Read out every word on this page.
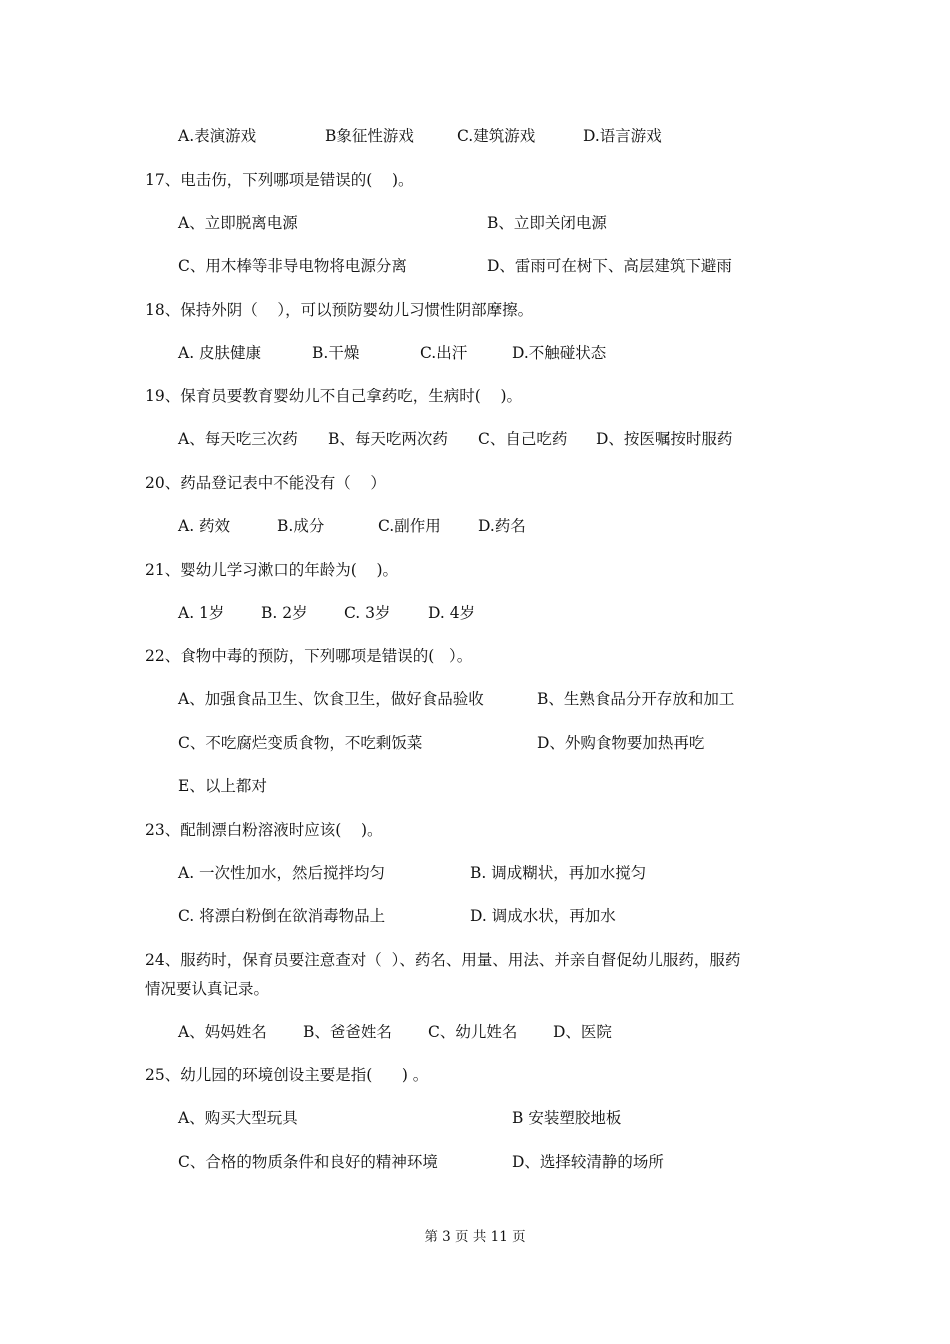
A.表演游戏	B象征性游戏	C.建筑游戏	D.语言游戏
17、电击伤，下列哪项是错误的(    )。
A、立即脱离电源	B、立即关闭电源
C、用木棒等非导电物将电源分离	D、雷雨可在树下、高层建筑下避雨
18、保持外阴（    ），可以预防婴幼儿习惯性阴部摩擦。
A. 皮肤健康	B.干燥	C.出汗	D.不触碰状态
19、保育员要教育婴幼儿不自己拿药吃，生病时(    )。
A、每天吃三次药 B、每天吃两次药 C、自己吃药 D、按医嘱按时服药
20、药品登记表中不能没有（    ）
A. 药效	B.成分	C.副作用 D.药名
21、婴幼儿学习漱口的年龄为(    )。
A. 1岁 B. 2岁 C. 3岁 D. 4岁
22、食物中毒的预防，下列哪项是错误的(   ）。
A、加强食品卫生、饮食卫生，做好食品验收	B、生熟食品分开存放和加工
C、不吃腐烂变质食物，不吃剩饭菜	D、外购食物要加热再吃
E、以上都对
23、配制漂白粉溶液时应该(    )。
A. 一次性加水，然后搅拌均匀	B. 调成糊状，再加水搅匀
C. 将漂白粉倒在欲消毒物品上	D. 调成水状，再加水
24、服药时，保育员要注意查对（  ）、药名、用量、用法、并亲自督促幼儿服药，服药
情况要认真记录。
A、妈妈姓名 B、爸爸姓名 C、幼儿姓名 D、医院
25、幼儿园的环境创设主要是指(      ) 。
A、购买大型玩具	B 安装塑胶地板
C、合格的物质条件和良好的精神环境	D、选择较清静的场所
第 3 页 共 11 页
